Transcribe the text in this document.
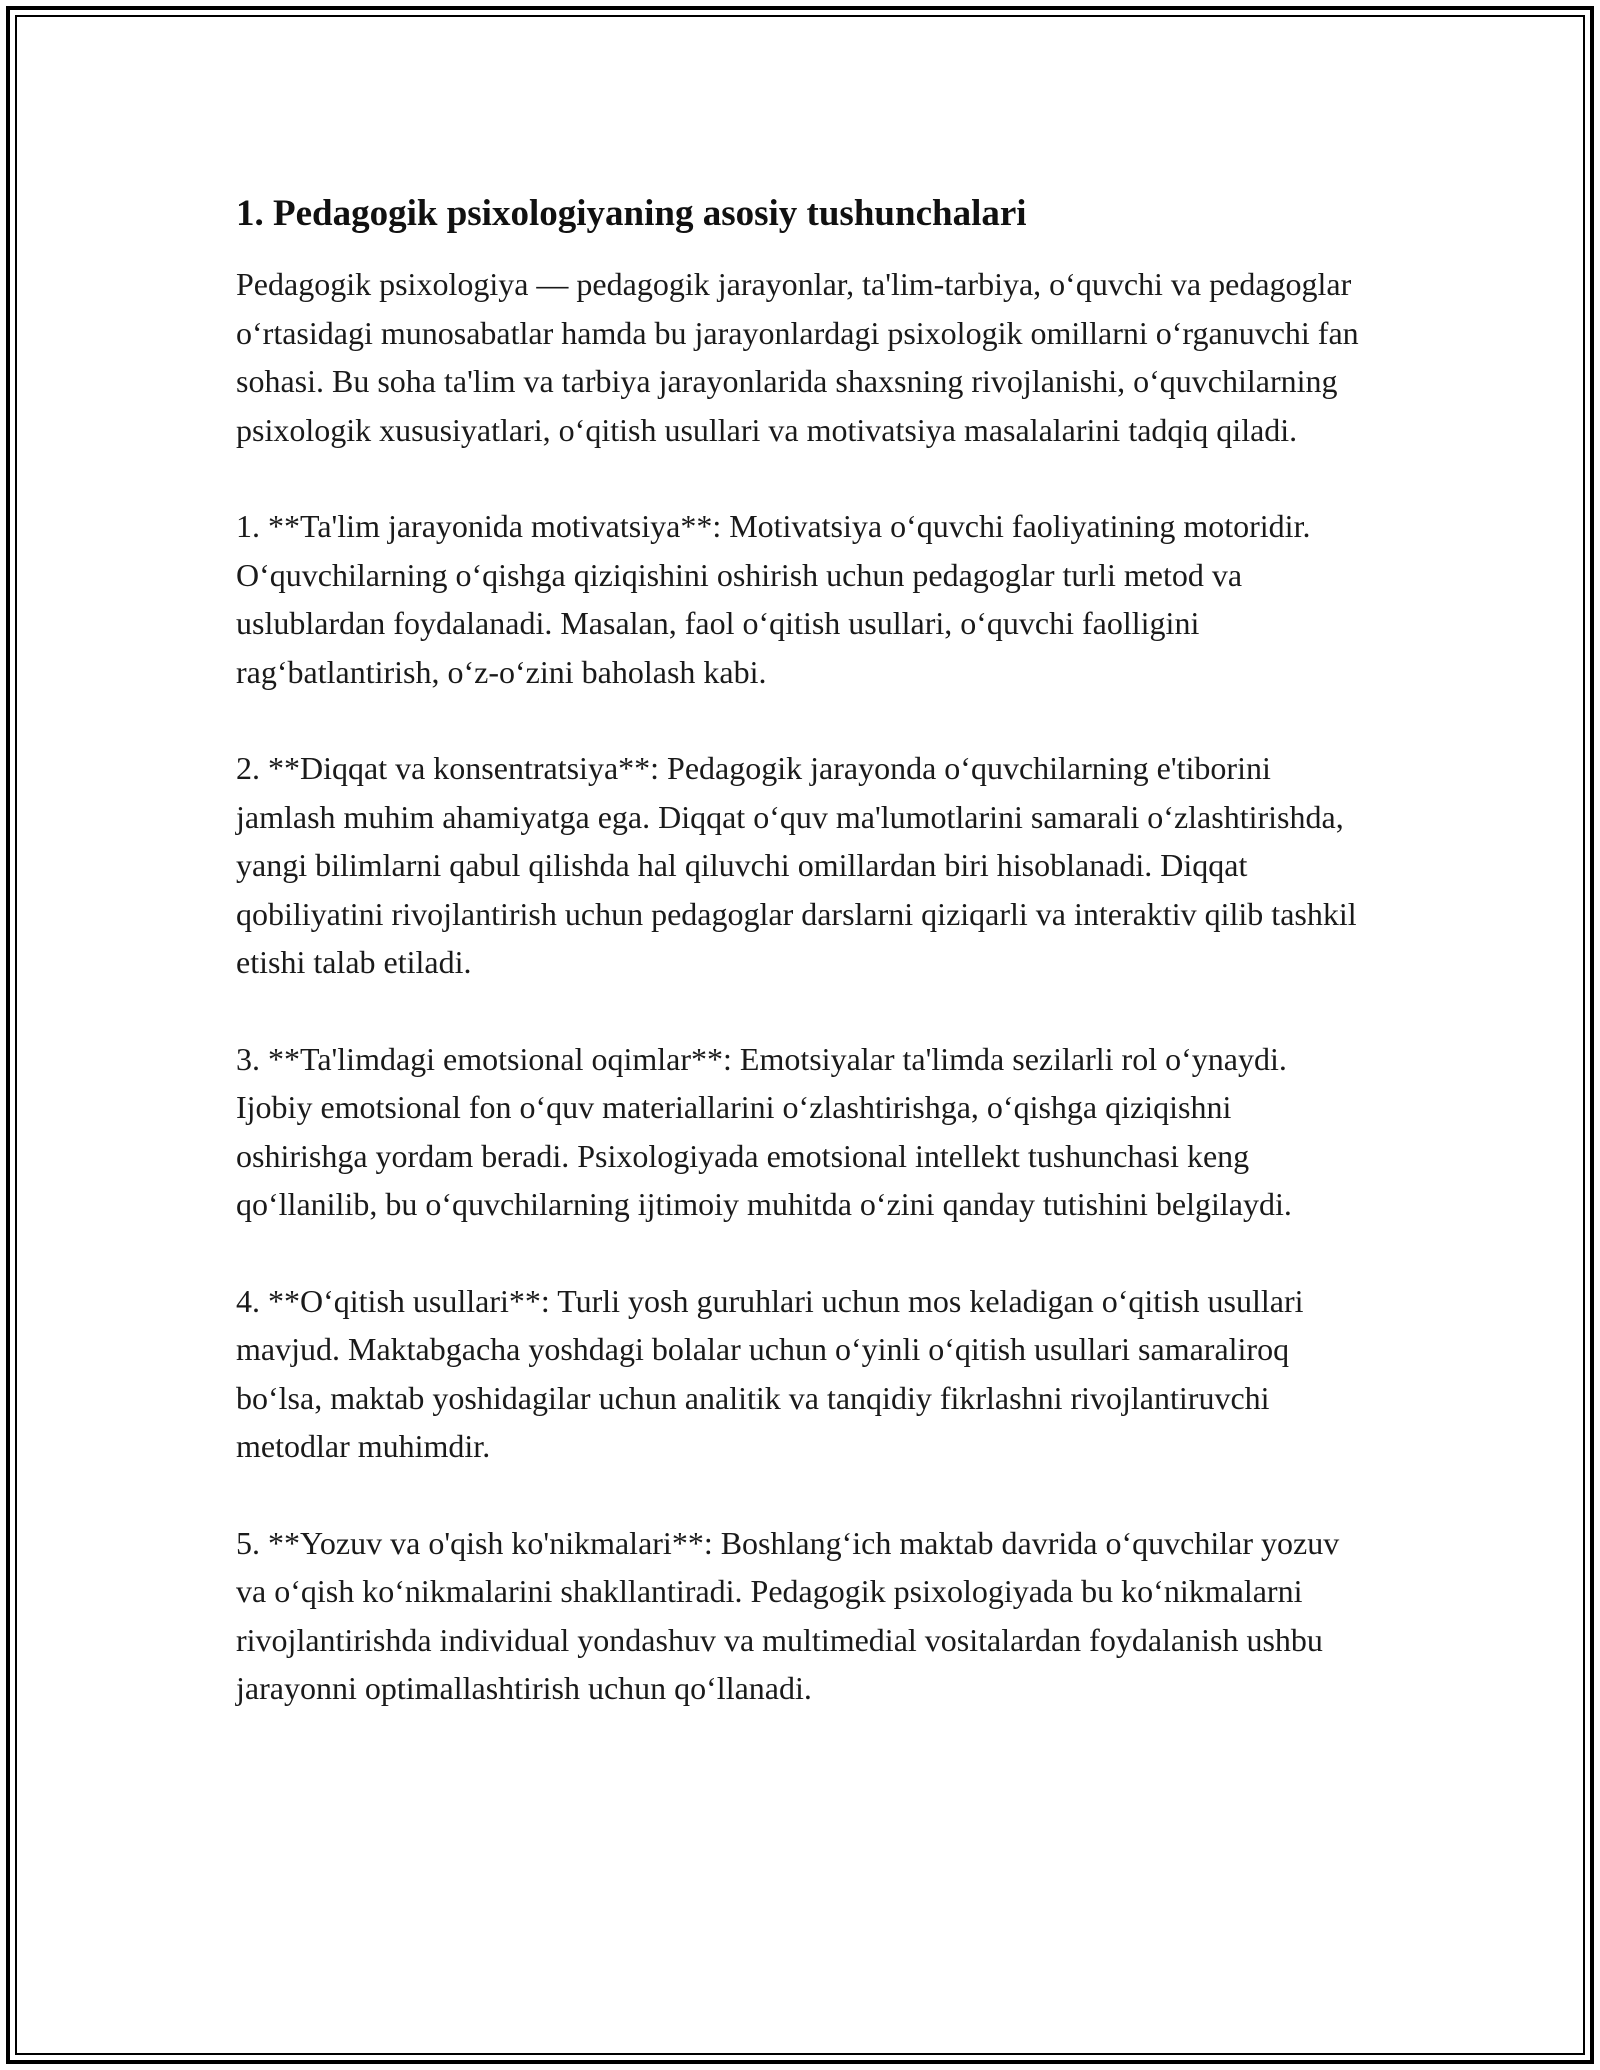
1. Pedagogik psixologiyaning asosiy tushunchalari

Pedagogik psixologiya — pedagogik jarayonlar, ta'lim-tarbiya, oʻquvchi va pedagoglar oʻrtasidagi munosabatlar hamda bu jarayonlardagi psixologik omillarni oʻrganuvchi fan sohasi. Bu soha ta'lim va tarbiya jarayonlarida shaxsning rivojlanishi, oʻquvchilarning psixologik xususiyatlari, oʻqitish usullari va motivatsiya masalalarini tadqiq qiladi.

1. **Ta'lim jarayonida motivatsiya**: Motivatsiya oʻquvchi faoliyatining motoridir. Oʻquvchilarning oʻqishga qiziqishini oshirish uchun pedagoglar turli metod va uslublardan foydalanadi. Masalan, faol oʻqitish usullari, oʻquvchi faolligini ragʻbatlantirish, oʻz-oʻzini baholash kabi.

2. **Diqqat va konsentratsiya**: Pedagogik jarayonda oʻquvchilarning e'tiborini jamlash muhim ahamiyatga ega. Diqqat oʻquv ma'lumotlarini samarali oʻzlashtirishda, yangi bilimlarni qabul qilishda hal qiluvchi omillardan biri hisoblanadi. Diqqat qobiliyatini rivojlantirish uchun pedagoglar darslarni qiziqarli va interaktiv qilib tashkil etishi talab etiladi.

3. **Ta'limdagi emotsional oqimlar**: Emotsiyalar ta'limda sezilarli rol oʻynaydi. Ijobiy emotsional fon oʻquv materiallarini oʻzlashtirishga, oʻqishga qiziqishni oshirishga yordam beradi. Psixologiyada emotsional intellekt tushunchasi keng qoʻllanilib, bu oʻquvchilarning ijtimoiy muhitda oʻzini qanday tutishini belgilaydi.

4. **Oʻqitish usullari**: Turli yosh guruhlari uchun mos keladigan oʻqitish usullari mavjud. Maktabgacha yoshdagi bolalar uchun oʻyinli oʻqitish usullari samaraliroq boʻlsa, maktab yoshidagilar uchun analitik va tanqidiy fikrlashni rivojlantiruvchi metodlar muhimdir.

5. **Yozuv va o'qish ko'nikmalari**: Boshlangʻich maktab davrida oʻquvchilar yozuv va oʻqish koʻnikmalarini shakllantiradi. Pedagogik psixologiyada bu koʻnikmalarni rivojlantirishda individual yondashuv va multimedial vositalardan foydalanish ushbu jarayonni optimallashtirish uchun qoʻllanadi.
